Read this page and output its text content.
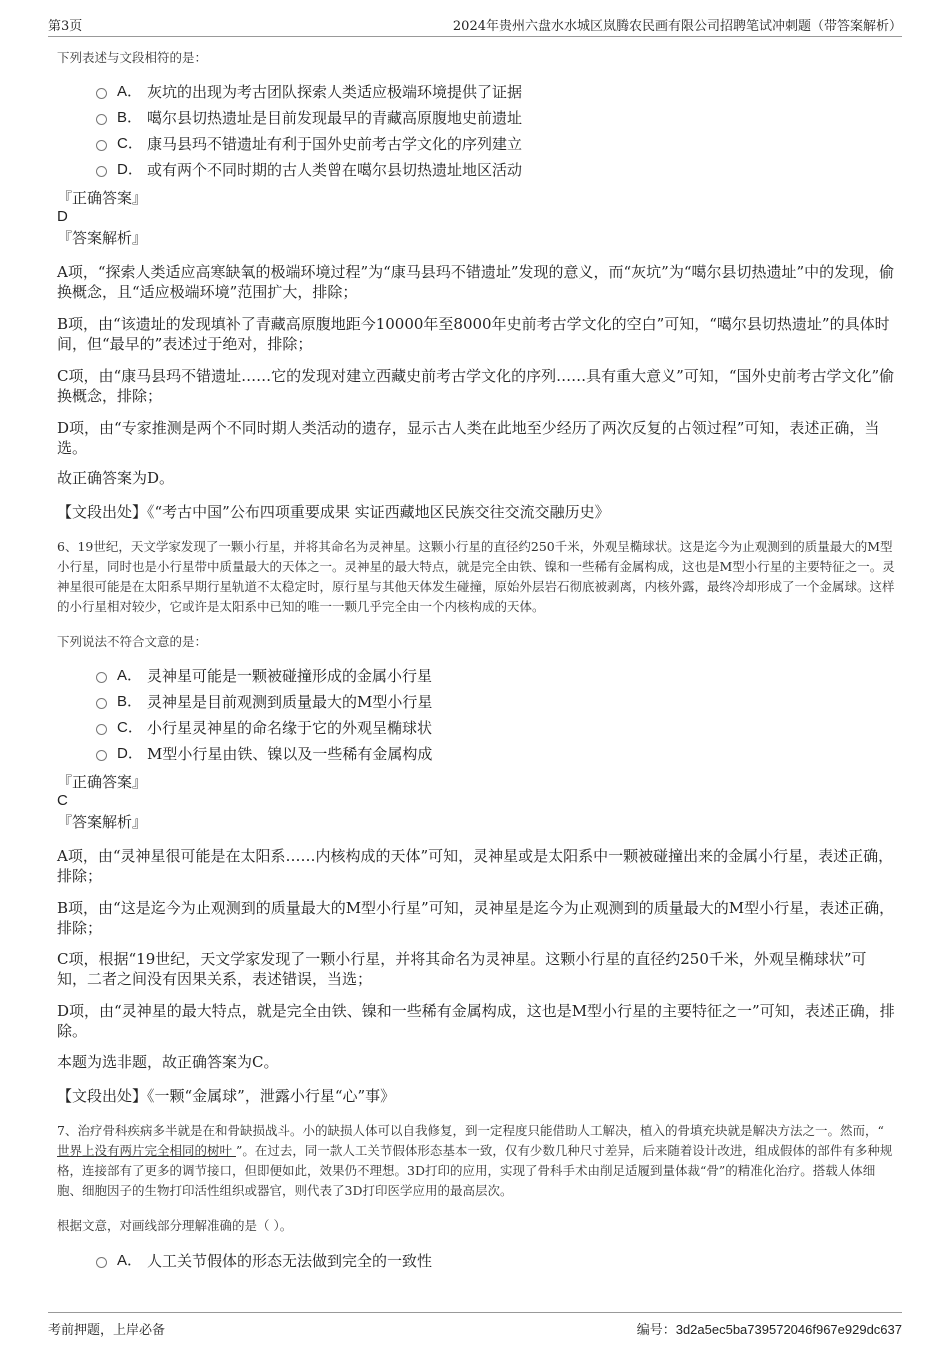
第3页	2024年贵州六盘水水城区岚腾农民画有限公司招聘笔试冲刺题（带答案解析）
下列表述与文段相符的是：
A． 灰坑的出现为考古团队探索人类适应极端环境提供了证据
B． 噶尔县切热遗址是目前发现最早的青藏高原腹地史前遗址
C． 康马县玛不错遗址有利于国外史前考古学文化的序列建立
D． 或有两个不同时期的古人类曾在噶尔县切热遗址地区活动
『正确答案』
D
『答案解析』
A项，“探索人类适应高寒缺氧的极端环境过程”为“康马县玛不错遗址”发现的意义，而“灰坑”为“噶尔县切热遗址”中的发现，偷换概念，且“适应极端环境”范围扩大，排除；
B项，由“该遗址的发现填补了青藏高原腹地距今10000年至8000年史前考古学文化的空白”可知，“噶尔县切热遗址”的具体时间，但“最早的”表述过于绝对，排除；
C项，由“康马县玛不错遗址……它的发现对建立西藏史前考古学文化的序列……具有重大意义”可知，“国外史前考古学文化”偷换概念，排除；
D项，由“专家推测是两个不同时期人类活动的遗存，显示古人类在此地至少经历了两次反复的占领过程”可知，表述正确，当选。
故正确答案为D。
【文段出处】《“考古中国”公布四项重要成果 实证西藏地区民族交往交流交融历史》
6、19世纪，天文学家发现了一颗小行星，并将其命名为灵神星。这颗小行星的直径约250千米，外观呈椭球状。这是迄今为止观测到的质量最大的M型小行星，同时也是小行星带中质量最大的天体之一。灵神星的最大特点，就是完全由铁、镍和一些稀有金属构成，这也是M型小行星的主要特征之一。灵神星很可能是在太阳系早期行星轨道不太稳定时，原行星与其他天体发生碰撞，原始外层岩石彻底被剥离，内核外露，最终冷却形成了一个金属球。这样的小行星相对较少，它或许是太阳系中已知的唯一一颗几乎完全由一个内核构成的天体。
下列说法不符合文意的是：
A． 灵神星可能是一颗被碰撞形成的金属小行星
B． 灵神星是目前观测到质量最大的M型小行星
C． 小行星灵神星的命名缘于它的外观呈椭球状
D． M型小行星由铁、镍以及一些稀有金属构成
『正确答案』
C
『答案解析』
A项，由“灵神星很可能是在太阳系……内核构成的天体”可知，灵神星或是太阳系中一颗被碰撞出来的金属小行星，表述正确，排除；
B项，由“这是迄今为止观测到的质量最大的M型小行星”可知，灵神星是迄今为止观测到的质量最大的M型小行星，表述正确，排除；
C项，根据“19世纪，天文学家发现了一颗小行星，并将其命名为灵神星。这颗小行星的直径约250千米，外观呈椭球状”可知，二者之间没有因果关系，表述错误，当选；
D项，由“灵神星的最大特点，就是完全由铁、镍和一些稀有金属构成，这也是M型小行星的主要特征之一”可知，表述正确，排除。
本题为选非题，故正确答案为C。
【文段出处】《一颗“金属球”，泄露小行星“心”事》
7、治疗骨科疾病多半就是在和骨缺损战斗。小的缺损人体可以自我修复，到一定程度只能借助人工解决，植入的骨填充块就是解决方法之一。然而，“ 世界上没有两片完全相同的树叶 ”。在过去，同一款人工关节假体形态基本一致，仅有少数几种尺寸差异，后来随着设计改进，组成假体的部件有多种规格，连接部有了更多的调节接口，但即便如此，效果仍不理想。3D打印的应用，实现了骨科手术由削足适履到量体裁“骨”的精准化治疗。搭载人体细胞、细胞因子的生物打印活性组织或器官，则代表了3D打印医学应用的最高层次。
根据文意，对画线部分理解准确的是（ ）。
A． 人工关节假体的形态无法做到完全的一致性
考前押题，上岸必备	编号：3d2a5ec5ba739572046f967e929dc637
